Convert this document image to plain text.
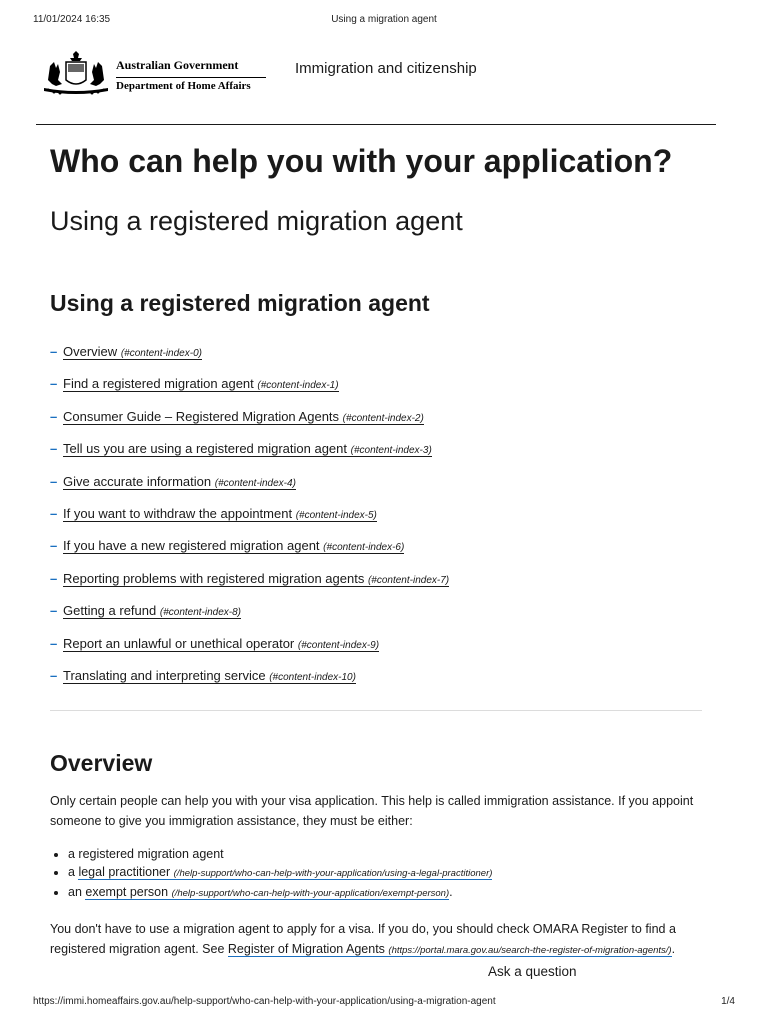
11/01/2024 16:35	Using a migration agent
Australian Government
Department of Home Affairs
Immigration and citizenship
Who can help you with your application?
Using a registered migration agent
Using a registered migration agent
– Overview (#content-index-0)
– Find a registered migration agent (#content-index-1)
– Consumer Guide – Registered Migration Agents (#content-index-2)
– Tell us you are using a registered migration agent (#content-index-3)
– Give accurate information (#content-index-4)
– If you want to withdraw the appointment (#content-index-5)
– If you have a new registered migration agent (#content-index-6)
– Reporting problems with registered migration agents (#content-index-7)
– Getting a refund (#content-index-8)
– Report an unlawful or unethical operator (#content-index-9)
– Translating and interpreting service (#content-index-10)
Overview

Only certain people can help you with your visa application. This help is called immigration assistance. If you appoint someone to give you immigration assistance, they must be either:

• a registered migration agent
• a legal practitioner (/help-support/who-can-help-with-your-application/using-a-legal-practitioner)
• an exempt person (/help-support/who-can-help-with-your-application/exempt-person).

You don't have to use a migration agent to apply for a visa. If you do, you should check OMARA Register to find a registered migration agent. See Register of Migration Agents (https://portal.mara.gov.au/search-the-register-of-migration-agents/).

Ask a question
https://immi.homeaffairs.gov.au/help-support/who-can-help-with-your-application/using-a-migration-agent	1/4
